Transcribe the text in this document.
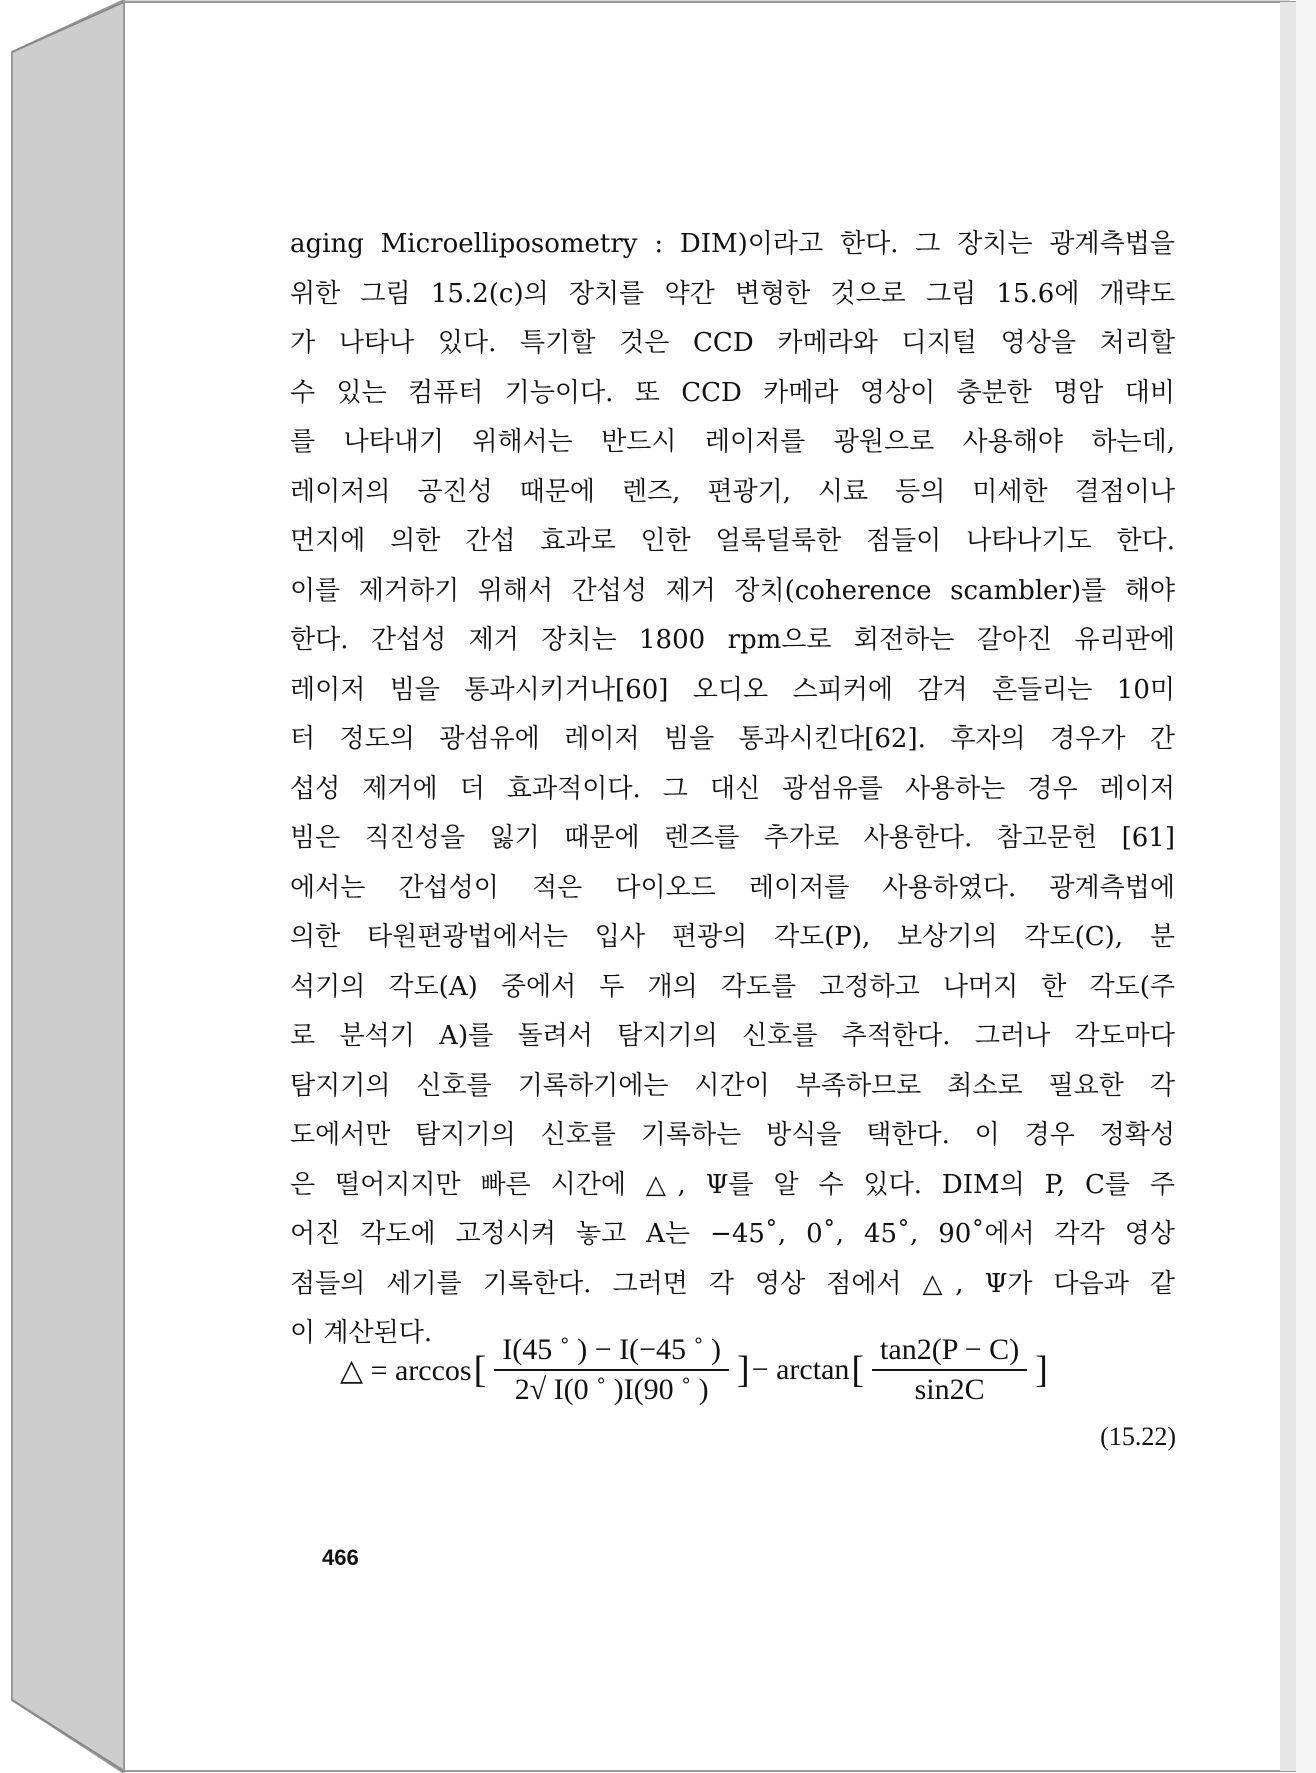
aging Microelliposometry : DIM)이라고 한다. 그 장치는 광계측법을
위한 그림 15.2(c)의 장치를 약간 변형한 것으로 그림 15.6에 개략도
가 나타나 있다. 특기할 것은 CCD 카메라와 디지털 영상을 처리할
수 있는 컴퓨터 기능이다. 또 CCD 카메라 영상이 충분한 명암 대비
를 나타내기 위해서는 반드시 레이저를 광원으로 사용해야 하는데,
레이저의 공진성 때문에 렌즈, 편광기, 시료 등의 미세한 결점이나
먼지에 의한 간섭 효과로 인한 얼룩덜룩한 점들이 나타나기도 한다.
이를 제거하기 위해서 간섭성 제거 장치(coherence scambler)를 해야
한다. 간섭성 제거 장치는 1800 rpm으로 회전하는 갈아진 유리판에
레이저 빔을 통과시키거나[60] 오디오 스피커에 감겨 흔들리는 10미
터 정도의 광섬유에 레이저 빔을 통과시킨다[62]. 후자의 경우가 간
섭성 제거에 더 효과적이다. 그 대신 광섬유를 사용하는 경우 레이저
빔은 직진성을 잃기 때문에 렌즈를 추가로 사용한다. 참고문헌 [61]
에서는 간섭성이 적은 다이오드 레이저를 사용하였다. 광계측법에
의한 타원편광법에서는 입사 편광의 각도(P), 보상기의 각도(C), 분
석기의 각도(A) 중에서 두 개의 각도를 고정하고 나머지 한 각도(주
로 분석기 A)를 돌려서 탐지기의 신호를 추적한다. 그러나 각도마다
탐지기의 신호를 기록하기에는 시간이 부족하므로 최소로 필요한 각
도에서만 탐지기의 신호를 기록하는 방식을 택한다. 이 경우 정확성
은 떨어지지만 빠른 시간에 △, Ψ를 알 수 있다. DIM의 P, C를 주
어진 각도에 고정시켜 놓고 A는 −45˚, 0˚, 45˚, 90˚에서 각각 영상
점들의 세기를 기록한다. 그러면 각 영상 점에서 △, Ψ가 다음과 같
이 계산된다.
△ = arccos [ $\frac{I(45 ˚ ) - I(-45 ˚ )}{2√ I(0 ˚ )I(90 ˚ )}$ ] − arctan [ $\frac{\tan 2(P - C)}{\sin 2C}$ ]
(15.22)
466
